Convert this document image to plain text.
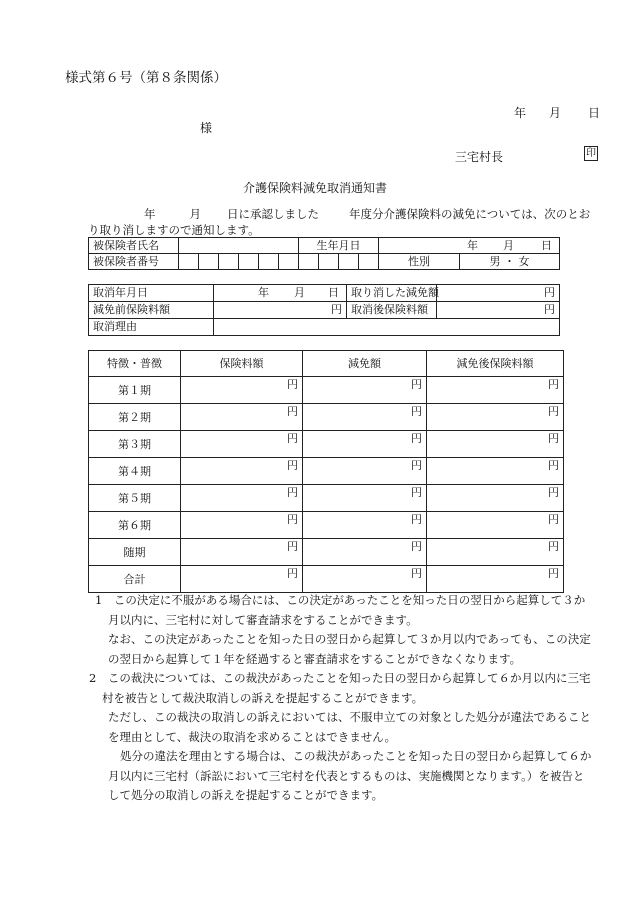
様式第６号（第８条関係）
年 月 日
様
三宅村長	印
介護保険料減免取消通知書
年	月 日に承認しました	年度分介護保険料の減免については、次のとおり取り消しますので通知します。
被保険者氏名							生年月日				年 月 日	

被保険者番号											性別	男 ・ 女
取消年月日	年 月 日	取り消した減免額	円
減免前保険料額	円	取消後保険料額	円
取消理由			
特徴・普徴	保険料額	減免額	減免後保険料額
第１期	円	円	円
第２期	円	円	円
第３期	円	円	円
第４期	円	円	円
第５期	円	円	円
第６期	円	円	円
随期	円	円	円
合計	円	円	円

1　この決定に不服がある場合には、この決定があったことを知った日の翌日から起算して３か月以内に、三宅村に対して審査請求をすることができます。

なお、この決定があったことを知った日の翌日から起算して３か月以内であっても、この決定の翌日から起算して１年を経過すると審査請求をすることができなくなります。

2　この裁決については、この裁決があったことを知った日の翌日から起算して６か月以内に三宅村を被告として裁決取消しの訴えを提起することができます。

ただし、この裁決の取消しの訴えにおいては、不服申立ての対象とした処分が違法であることを理由として、裁決の取消を求めることはできません。

処分の違法を理由とする場合は、この裁決があったことを知った日の翌日から起算して６か月以内に三宅村（訴訟において三宅村を代表とするものは、実施機関となります。）を被告として処分の取消しの訴えを提起することができます。
